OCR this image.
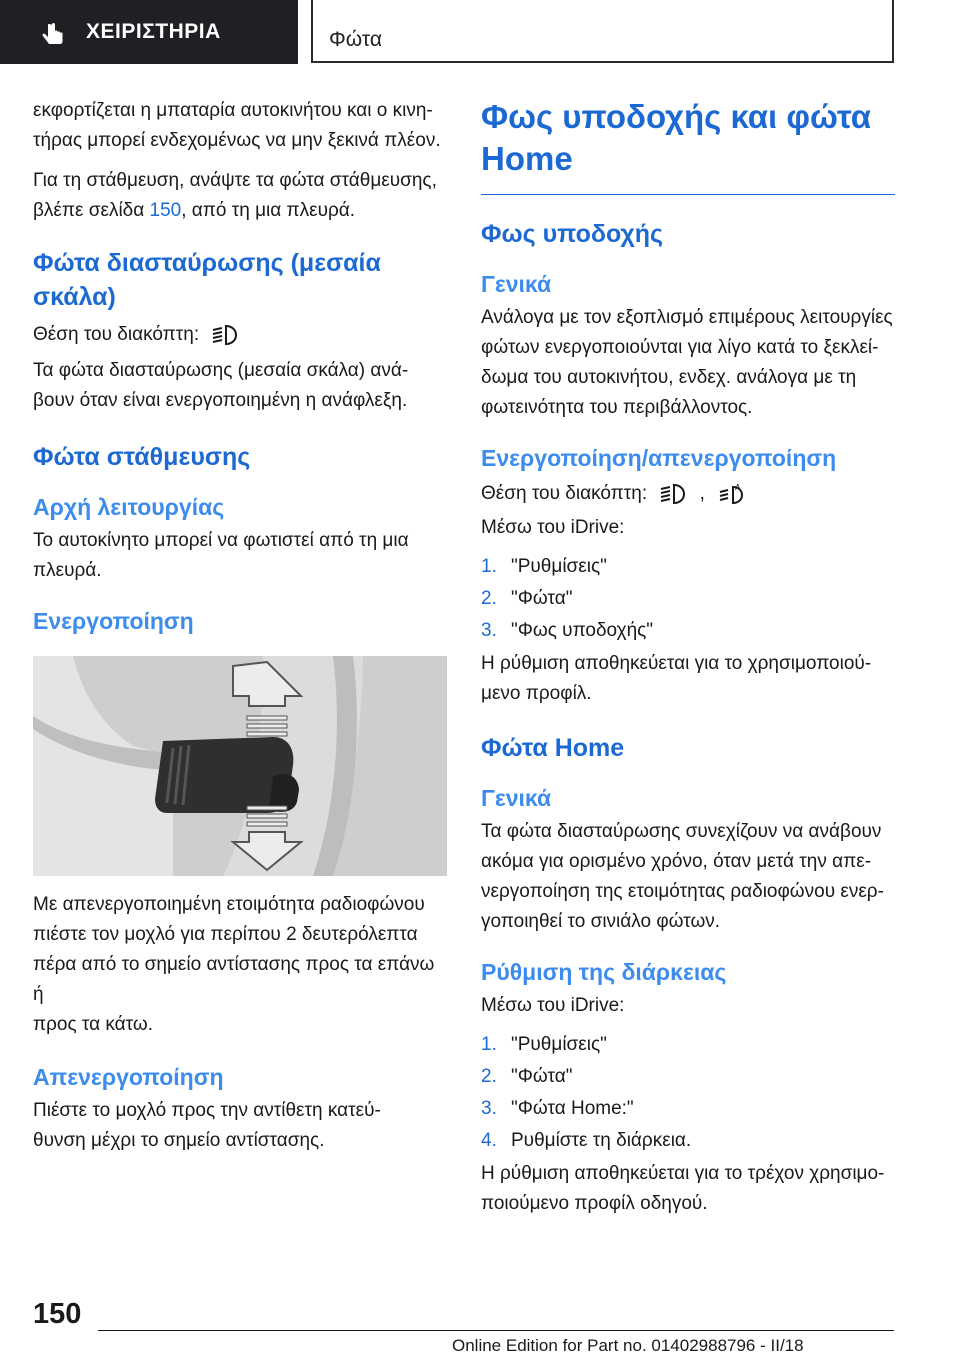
ΧΕΙΡΙΣΤΗΡΙΑ	Φώτα

εκφορτίζεται η μπαταρία αυτοκινήτου και ο κινη-
τήρας μπορεί ενδεχομένως να μην ξεκινά πλέον.

Για τη στάθμευση, ανάψτε τα φώτα στάθμευσης,
βλέπε σελίδα 150, από τη μια πλευρά.

Φώτα διασταύρωσης (μεσαία
σκάλα)

Θέση του διακόπτη:

Τα φώτα διασταύρωσης (μεσαία σκάλα) ανά-
βουν όταν είναι ενεργοποιημένη η ανάφλεξη.

Φώτα στάθμευσης
Αρχή λειτουργίας

Το αυτοκίνητο μπορεί να φωτιστεί από τη μια
πλευρά.

Ενεργοποίηση

Με απενεργοποιημένη ετοιμότητα ραδιοφώνου
πιέστε τον μοχλό για περίπου 2 δευτερόλεπτα
πέρα από το σημείο αντίστασης προς τα επάνω ή
προς τα κάτω.

Απενεργοποίηση

Πιέστε το μοχλό προς την αντίθετη κατεύ-
θυνση μέχρι το σημείο αντίστασης.

Φως υποδοχής και φώτα
Home
Φως υποδοχής
Γενικά

Ανάλογα με τον εξοπλισμό επιμέρους λειτουργίες
φώτων ενεργοποιούνται για λίγο κατά το ξεκλεί-
δωμα του αυτοκινήτου, ενδεχ. ανάλογα με τη
φωτεινότητα του περιβάλλοντος.

Ενεργοποίηση/απενεργοποίηση

Θέση του διακόπτη:	,	A

Μέσω του iDrive:

1. "Ρυθμίσεις"
2. "Φώτα"
3. "Φως υποδοχής"

Η ρύθμιση αποθηκεύεται για το χρησιμοποιού-
μενο προφίλ.

Φώτα Home
Γενικά

Τα φώτα διασταύρωσης συνεχίζουν να ανάβουν
ακόμα για ορισμένο χρόνο, όταν μετά την απε-
νεργοποίηση της ετοιμότητας ραδιοφώνου ενερ-
γοποιηθεί το σινιάλο φώτων.

Ρύθμιση της διάρκειας

Μέσω του iDrive:

1. "Ρυθμίσεις"
2. "Φώτα"
3. "Φώτα Home:"
4. Ρυθμίστε τη διάρκεια.

Η ρύθμιση αποθηκεύεται για το τρέχον χρησιμο-
ποιούμενο προφίλ οδηγού.

150
Online Edition for Part no. 01402988796 - II/18
